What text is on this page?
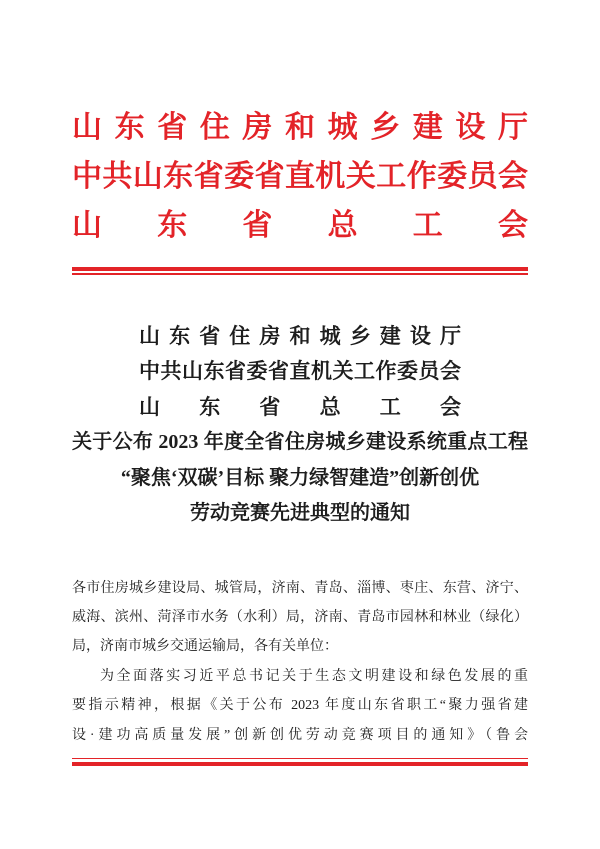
山东省住房和城乡建设厅
中共山东省委省直机关工作委员会
山东省总工会
山东省住房和城乡建设厅
中共山东省委省直机关工作委员会
山东省总工会
关于公布 2023 年度全省住房城乡建设系统重点工程
“聚焦‘双碳’目标 聚力绿智建造”创新创优
劳动竞赛先进典型的通知
各市住房城乡建设局、城管局，济南、青岛、淄博、枣庄、东营、济宁、
威海、滨州、菏泽市水务（水利）局，济南、青岛市园林和林业（绿化）
局，济南市城乡交通运输局，各有关单位：
为全面落实习近平总书记关于生态文明建设和绿色发展的重
要指示精神，根据《关于公布 2023 年度山东省职工“聚力强省建
设·建功高质量发展”创新创优劳动竞赛项目的通知》（鲁会
